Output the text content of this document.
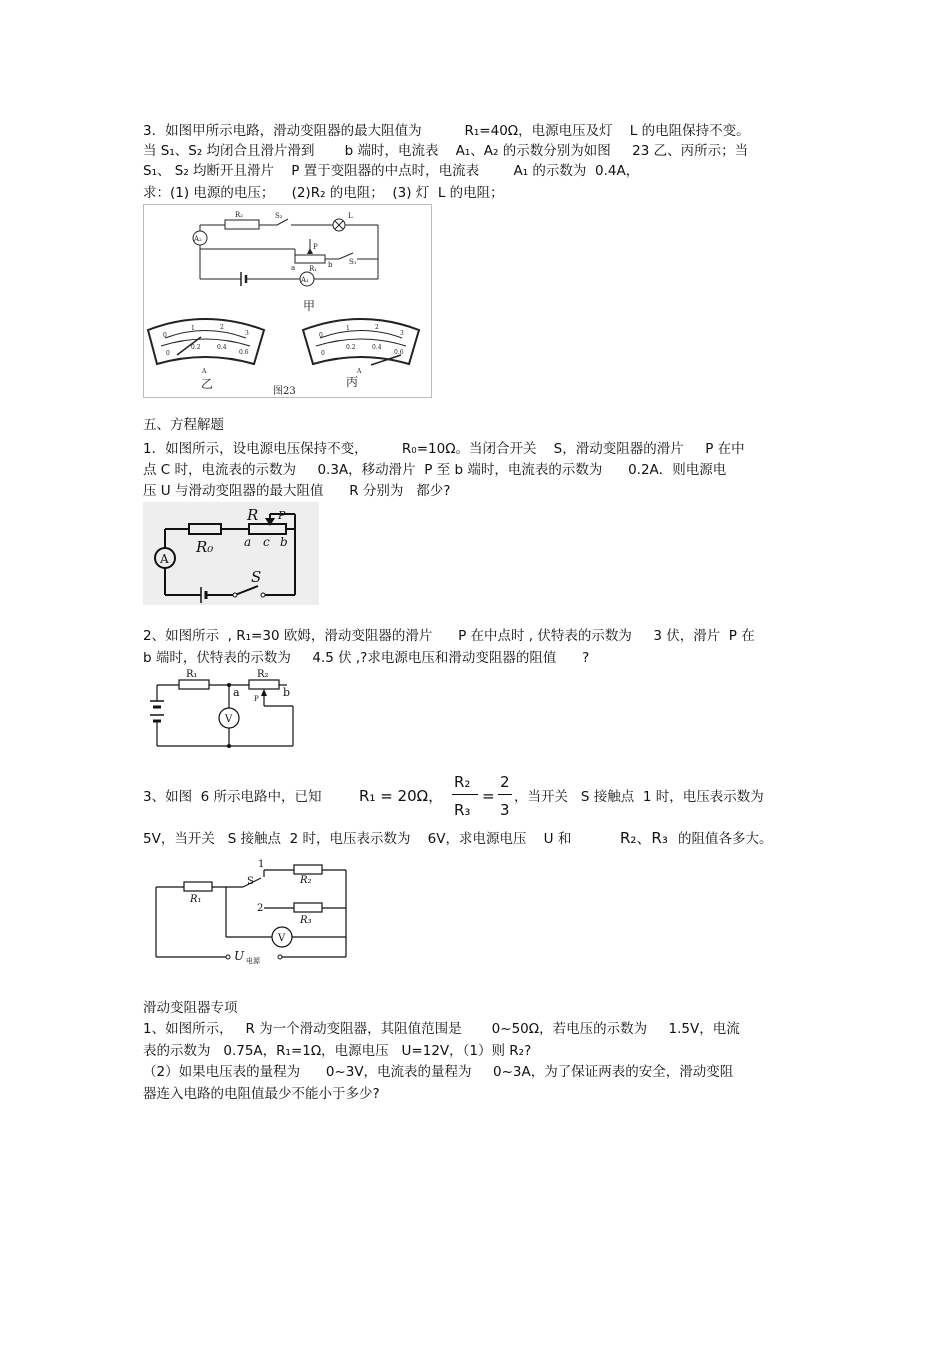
3．如图甲所示电路，滑动变阻器的最大阻值为          R₁=40Ω，电源电压及灯    L 的电阻保持不变。
当 S₁、S₂ 均闭合且滑片滑到       b 端时，电流表    A₁、A₂ 的示数分别为如图     23 乙、丙所示；当
S₁、 S₂ 均断开且滑片    P 置于变阻器的中点时，电流表        A₁ 的示数为  0.4A，
求：(1) 电源的电压；    (2)R₂ 的电阻；  (3) 灯  L 的电阻；
R₂	S₂	L
A₂
A₁
P
a R₁ b S₁
甲
0
1	2
3
0
0.2	0.4
0.6
A
乙
图23
0
1	2
3
0
0.2	0.4
0.6
A
丙
五、方程解题
1．如图所示，设电源电压保持不变，        R₀=10Ω。当闭合开关    S，滑动变阻器的滑片     P 在中
点 C 时，电流表的示数为     0.3A，移动滑片  P 至 b 端时，电流表的示数为      0.2A．则电源电
压 U 与滑动变阻器的最大阻值      R 分别为   都少?
R₀
R P
a c b
A
S
2、如图所示  , R₁=30 欧姆，滑动变阻器的滑片      P 在中点时 , 伏特表的示数为     3 伏，滑片  P 在
b 端时，伏特表的示数为     4.5 伏 ,?求电源电压和滑动变阻器的阻值      ?
R₁	R₂
a	b
P
V
3、如图  6 所示电路中，已知 R₁ = 20Ω，
R₂
R₃
=
2
3
，当开关   S 接触点  1 时，电压表示数为
5V，当开关   S 接触点  2 时，电压表示数为    6V，求电源电压    U 和	R₂、R₃ 的阻值各多大。
R₁
S
1
R₂
2
R₃
V
U 电源
滑动变阻器专项
1、如图所示，   R 为一个滑动变阻器，其阻值范围是       0~50Ω，若电压的示数为     1.5V，电流
表的示数为   0.75A，R₁=1Ω，电源电压   U=12V，（1）则 R₂?
（2）如果电压表的量程为      0~3V，电流表的量程为     0~3A，为了保证两表的安全，滑动变阻
器连入电路的电阻值最少不能小于多少?
